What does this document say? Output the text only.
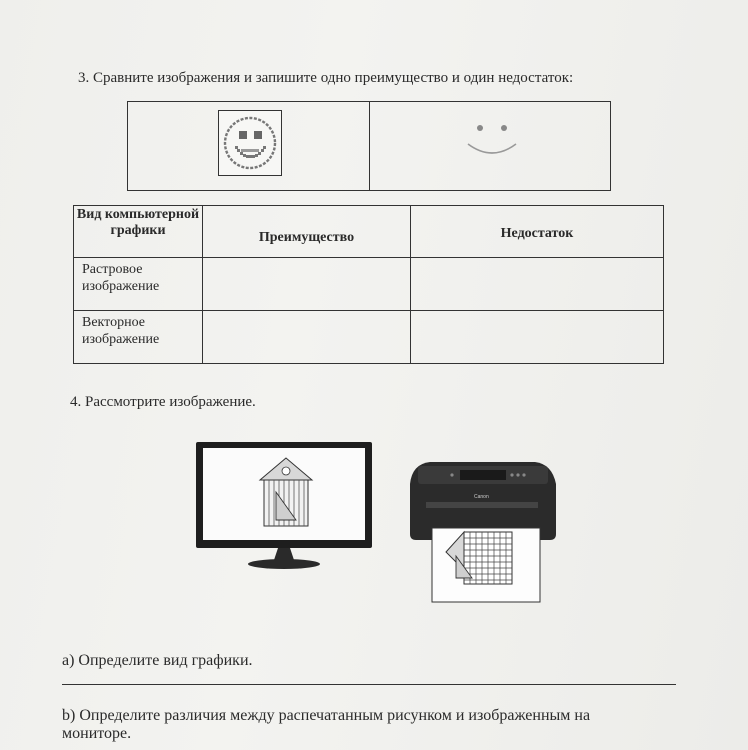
3. Сравните изображения и запишите одно преимущество и один недостаток:
Вид компьютерной графики	Преимущество	Недостаток
Растровое изображение		
Векторное изображение		
4. Рассмотрите изображение.
Canon
a) Определите вид графики.
b) Определите различия между распечатанным рисунком и изображенным на мониторе.
